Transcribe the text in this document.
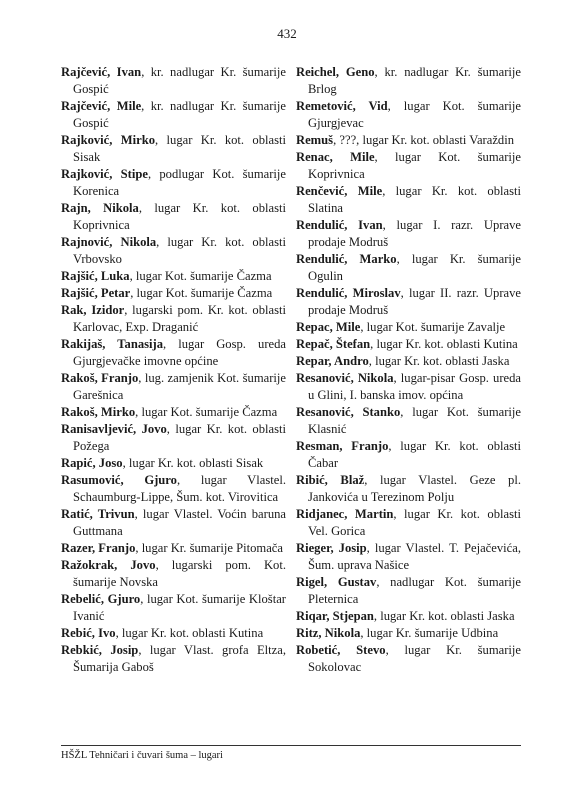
432

Rajčević, Ivan, kr. nadlugar Kr. šumarije Gospić

Rajčević, Mile, kr. nadlugar Kr. šumarije Gospić

Rajković, Mirko, lugar Kr. kot. oblasti Sisak

Rajković, Stipe, podlugar Kot. šumarije Korenica

Rajn, Nikola, lugar Kr. kot. oblasti Koprivnica

Rajnović, Nikola, lugar Kr. kot. oblasti Vrbovsko

Rajšić, Luka, lugar Kot. šumarije Čazma

Rajšić, Petar, lugar Kot. šumarije Čazma

Rak, Izidor, lugarski pom. Kr. kot. oblasti Karlovac, Exp. Draganić

Rakijaš, Tanasija, lugar Gosp. ureda Gjurgjevačke imovne općine

Rakoš, Franjo, lug. zamjenik Kot. šumarije Garešnica

Rakoš, Mirko, lugar Kot. šumarije Čazma

Ranisavljević, Jovo, lugar Kr. kot. oblasti Požega

Rapić, Joso, lugar Kr. kot. oblasti Sisak

Rasumović, Gjuro, lugar Vlastel. Schaumburg-Lippe, Šum. kot. Virovitica

Ratić, Trivun, lugar Vlastel. Voćin baruna Guttmana

Razer, Franjo, lugar Kr. šumarije Pitomača

Ražokrak, Jovo, lugarski pom. Kot. šumarije Novska

Rebelić, Gjuro, lugar Kot. šumarije Kloštar Ivanić

Rebić, Ivo, lugar Kr. kot. oblasti Kutina

Rebkić, Josip, lugar Vlast. grofa Eltza, Šumarija Gaboš

Reichel, Geno, kr. nadlugar Kr. šumarije Brlog

Remetović, Vid, lugar Kot. šumarije Gjurgjevac

Remuš, ???, lugar Kr. kot. oblasti Varaždin

Renac, Mile, lugar Kot. šumarije Koprivnica

Renčević, Mile, lugar Kr. kot. oblasti Slatina

Rendulić, Ivan, lugar I. razr. Uprave prodaje Modruš

Rendulić, Marko, lugar Kr. šumarije Ogulin

Rendulić, Miroslav, lugar II. razr. Uprave prodaje Modruš

Repac, Mile, lugar Kot. šumarije Zavalje

Repač, Štefan, lugar Kr. kot. oblasti Kutina

Repar, Andro, lugar Kr. kot. oblasti Jaska

Resanović, Nikola, lugar-pisar Gosp. ureda u Glini, I. banska imov. općina

Resanović, Stanko, lugar Kot. šumarije Klasnić

Resman, Franjo, lugar Kr. kot. oblasti Čabar

Ribić, Blaž, lugar Vlastel. Geze pl. Jankovića u Terezinom Polju

Ridjanec, Martin, lugar Kr. kot. oblasti Vel. Gorica

Rieger, Josip, lugar Vlastel. T. Pejačevića, Šum. uprava Našice

Rigel, Gustav, nadlugar Kot. šumarije Pleternica

Riqar, Stjepan, lugar Kr. kot. oblasti Jaska

Ritz, Nikola, lugar Kr. šumarije Udbina

Robetić, Stevo, lugar Kr. šumarije Sokolovac

HŠŽL Tehničari i čuvari šuma – lugari
